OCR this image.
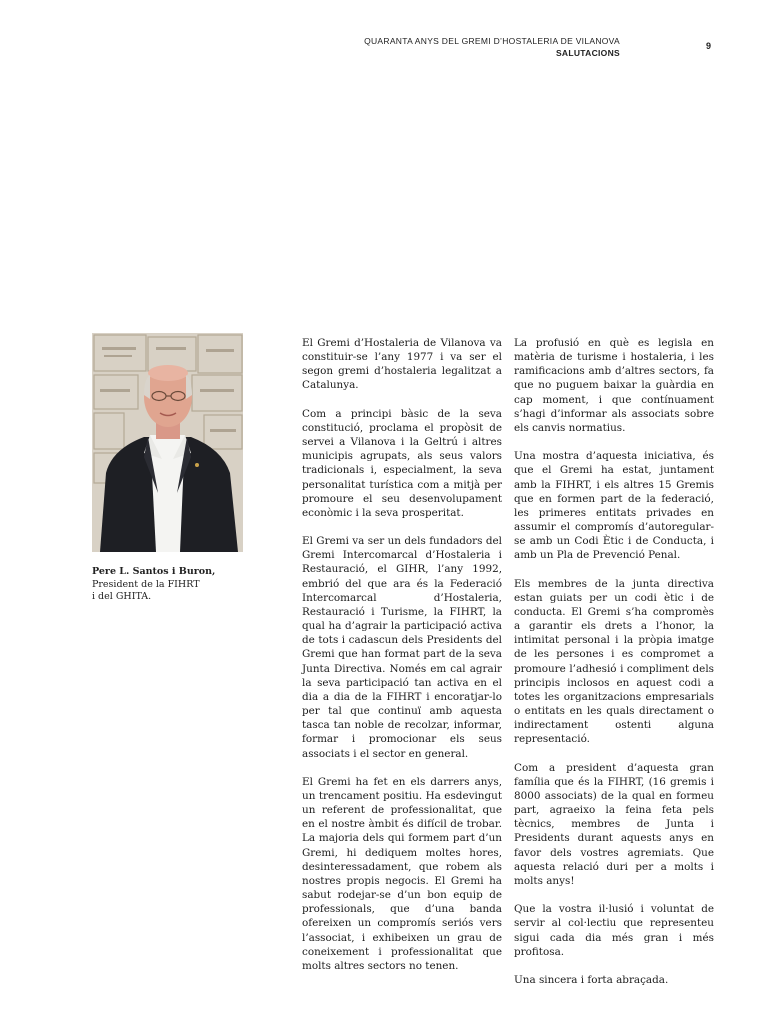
QUARANTA ANYS DEL GREMI D’HOSTALERIA DE VILANOVA
SALUTACIONS
9
Pere L. Santos i Buron,
President de la FIHRT
i del GHITA.

El Gremi d’Hostaleria de Vilanova va constituir-se l’any 1977 i va ser el segon gremi d’hostaleria legalitzat a Catalunya.

Com a principi bàsic de la seva constitució, proclama el propòsit de servei a Vilanova i la Geltrú i altres municipis agrupats, als seus valors tradicionals i, especialment, la seva personalitat turística com a mitjà per promoure el seu desenvolupament econòmic i la seva prosperitat.

El Gremi va ser un dels fundadors del Gremi Intercomarcal d’Hostaleria i Restauració, el GIHR, l’any 1992, embrió del que ara és la Federació Intercomarcal d’Hostaleria, Restauració i Turisme, la FIHRT, la qual ha d’agrair la participació activa de tots i cadascun dels Presidents del Gremi que han format part de la seva Junta Directiva. Només em cal agrair la seva participació tan activa en el dia a dia de la FIHRT i encoratjar-lo per tal que continuï amb aquesta tasca tan noble de recolzar, informar, formar i promocionar els seus associats i el sector en general.

El Gremi ha fet en els darrers anys, un trencament positiu. Ha esdevingut un referent de professionalitat, que en el nostre àmbit és difícil de trobar. La majoria dels qui formem part d’un Gremi, hi dediquem moltes hores, desinteressadament, que robem als nostres propis negocis. El Gremi ha sabut rodejar-se d’un bon equip de professionals, que d’una banda ofereixen un compromís seriós vers l’associat, i exhibeixen un grau de coneixement i professionalitat que molts altres sectors no tenen.

La profusió en què es legisla en matèria de turisme i hostaleria, i les ramificacions amb d’altres sectors, fa que no puguem baixar la guàrdia en cap moment, i que contínuament s’hagi d’informar als associats sobre els canvis normatius.

Una mostra d’aquesta iniciativa, és que el Gremi ha estat, juntament amb la FIHRT, i els altres 15 Gremis que en formen part de la federació, les primeres entitats privades en assumir el compromís d’autoregular-se amb un Codi Ètic i de Conducta, i amb un Pla de Prevenció Penal.

Els membres de la junta directiva estan guiats per un codi ètic i de conducta. El Gremi s’ha compromès a garantir els drets a l’honor, la intimitat personal i la pròpia imatge de les persones i es compromet a promoure l’adhesió i compliment dels principis inclosos en aquest codi a totes les organitzacions empresarials o entitats en les quals directament o indirectament ostenti alguna representació.

Com a president d’aquesta gran família que és la FIHRT, (16 gremis i 8000 associats) de la qual en formeu part, agraeixo la feina feta pels tècnics, membres de Junta i Presidents durant aquests anys en favor dels vostres agremiats. Que aquesta relació duri per a molts i molts anys!

Que la vostra il·lusió i voluntat de servir al col·lectiu que representeu sigui cada dia més gran i més profitosa.

Una sincera i forta abraçada.
